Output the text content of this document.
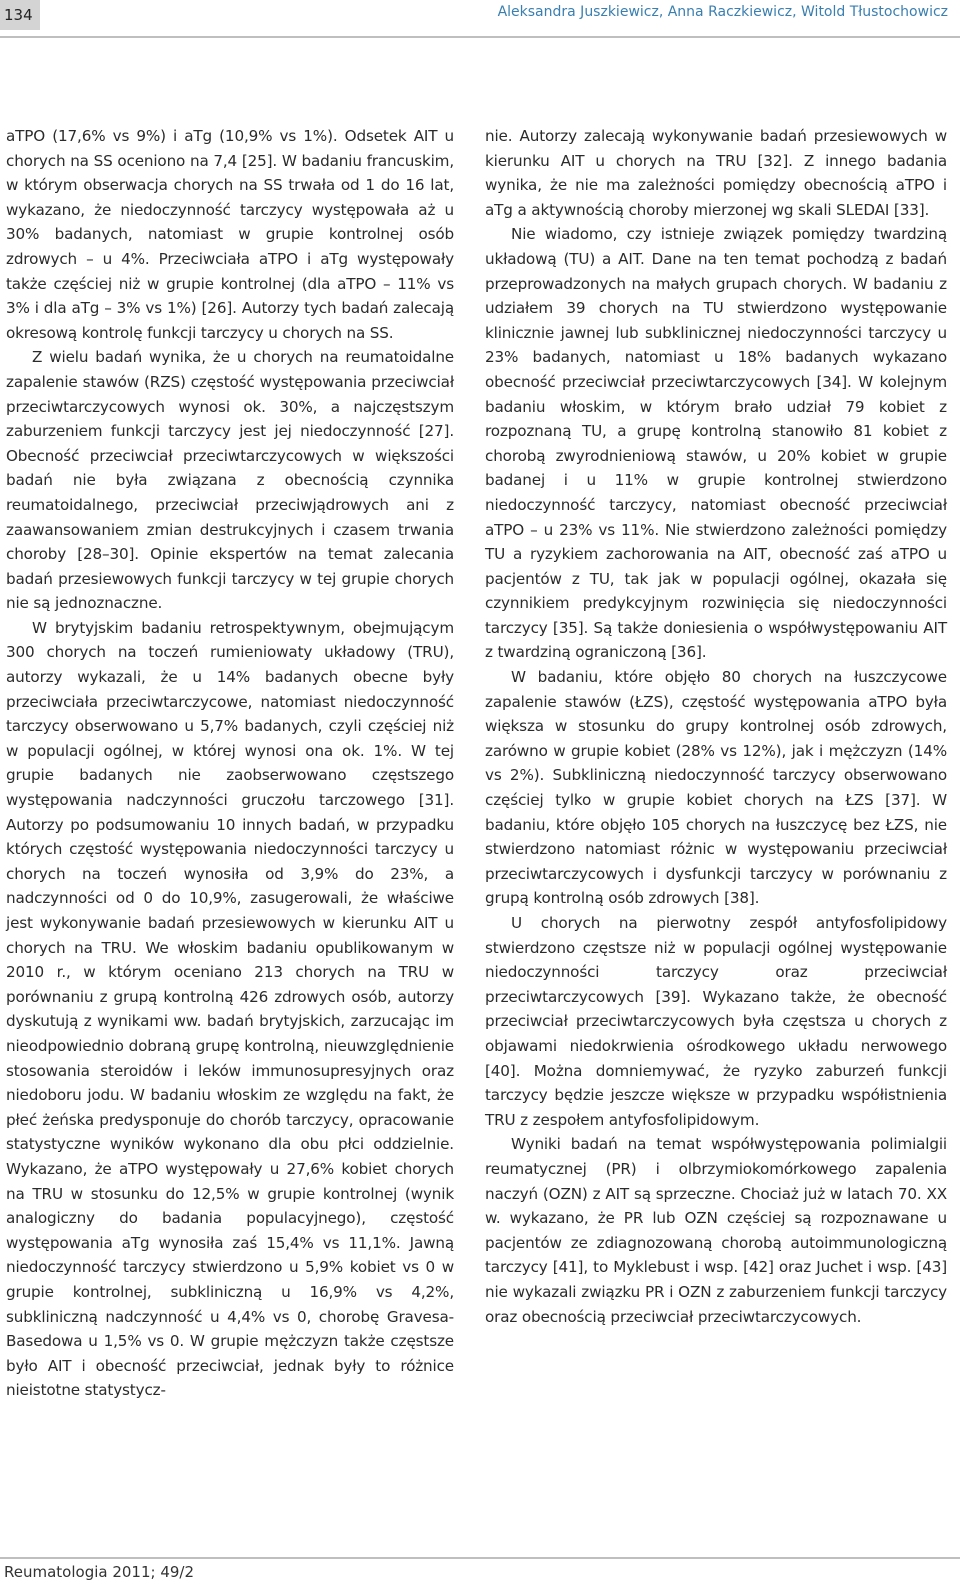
134	Aleksandra Juszkiewicz, Anna Raczkiewicz, Witold Tłustochowicz

aTPO (17,6% vs 9%) i aTg (10,9% vs 1%). Odsetek AIT u chorych na SS oceniono na 7,4 [25]. W badaniu francuskim, w którym obserwacja chorych na SS trwała od 1 do 16 lat, wykazano, że niedoczynność tarczycy występowała aż u 30% badanych, natomiast w grupie kontrolnej osób zdrowych – u 4%. Przeciwciała aTPO i aTg występowały także częściej niż w grupie kontrolnej (dla aTPO – 11% vs 3% i dla aTg – 3% vs 1%) [26]. Autorzy tych badań zalecają okresową kontrolę funkcji tarczycy u chorych na SS.

Z wielu badań wynika, że u chorych na reumatoidalne zapalenie stawów (RZS) częstość występowania przeciwciał przeciwtarczycowych wynosi ok. 30%, a najczęstszym zaburzeniem funkcji tarczycy jest jej niedoczynność [27]. Obecność przeciwciał przeciwtarczycowych w większości badań nie była związana z obecnością czynnika reumatoidalnego, przeciwciał przeciwjądrowych ani z zaawansowaniem zmian destrukcyjnych i czasem trwania choroby [28–30]. Opinie ekspertów na temat zalecania badań przesiewowych funkcji tarczycy w tej grupie chorych nie są jednoznaczne.

W brytyjskim badaniu retrospektywnym, obejmującym 300 chorych na toczeń rumieniowaty układowy (TRU), autorzy wykazali, że u 14% badanych obecne były przeciwciała przeciwtarczycowe, natomiast niedoczynność tarczycy obserwowano u 5,7% badanych, czyli częściej niż w populacji ogólnej, w której wynosi ona ok. 1%. W tej grupie badanych nie zaobserwowano częstszego występowania nadczynności gruczołu tarczowego [31]. Autorzy po podsumowaniu 10 innych badań, w przypadku których częstość występowania niedoczynności tarczycy u chorych na toczeń wynosiła od 3,9% do 23%, a nadczynności od 0 do 10,9%, zasugerowali, że właściwe jest wykonywanie badań przesiewowych w kierunku AIT u chorych na TRU. We włoskim badaniu opublikowanym w 2010 r., w którym oceniano 213 chorych na TRU w porównaniu z grupą kontrolną 426 zdrowych osób, autorzy dyskutują z wynikami ww. badań brytyjskich, zarzucając im nieodpowiednio dobraną grupę kontrolną, nieuwzględnienie stosowania steroidów i leków immunosupresyjnych oraz niedoboru jodu. W badaniu włoskim ze względu na fakt, że płeć żeńska predysponuje do chorób tarczycy, opracowanie statystyczne wyników wykonano dla obu płci oddzielnie. Wykazano, że aTPO występowały u 27,6% kobiet chorych na TRU w stosunku do 12,5% w grupie kontrolnej (wynik analogiczny do badania populacyjnego), częstość występowania aTg wynosiła zaś 15,4% vs 11,1%. Jawną niedoczynność tarczycy stwierdzono u 5,9% kobiet vs 0 w grupie kontrolnej, subkliniczną u 16,9% vs 4,2%, subkliniczną nadczynność u 4,4% vs 0, chorobę Gravesa-Basedowa u 1,5% vs 0. W grupie mężczyzn także częstsze było AIT i obecność przeciwciał, jednak były to różnice nieistotne statystycz-

nie. Autorzy zalecają wykonywanie badań przesiewowych w kierunku AIT u chorych na TRU [32]. Z innego badania wynika, że nie ma zależności pomiędzy obecnością aTPO i aTg a aktywnością choroby mierzonej wg skali SLEDAI [33].

Nie wiadomo, czy istnieje związek pomiędzy twardziną układową (TU) a AIT. Dane na ten temat pochodzą z badań przeprowadzonych na małych grupach chorych. W badaniu z udziałem 39 chorych na TU stwierdzono występowanie klinicznie jawnej lub subklinicznej niedoczynności tarczycy u 23% badanych, natomiast u 18% badanych wykazano obecność przeciwciał przeciwtarczycowych [34]. W kolejnym badaniu włoskim, w którym brało udział 79 kobiet z rozpoznaną TU, a grupę kontrolną stanowiło 81 kobiet z chorobą zwyrodnieniową stawów, u 20% kobiet w grupie badanej i u 11% w grupie kontrolnej stwierdzono niedoczynność tarczycy, natomiast obecność przeciwciał aTPO – u 23% vs 11%. Nie stwierdzono zależności pomiędzy TU a ryzykiem zachorowania na AIT, obecność zaś aTPO u pacjentów z TU, tak jak w populacji ogólnej, okazała się czynnikiem predykcyjnym rozwinięcia się niedoczynności tarczycy [35]. Są także doniesienia o współwystępowaniu AIT z twardziną ograniczoną [36].

W badaniu, które objęło 80 chorych na łuszczycowe zapalenie stawów (ŁZS), częstość występowania aTPO była większa w stosunku do grupy kontrolnej osób zdrowych, zarówno w grupie kobiet (28% vs 12%), jak i mężczyzn (14% vs 2%). Subkliniczną niedoczynność tarczycy obserwowano częściej tylko w grupie kobiet chorych na ŁZS [37]. W badaniu, które objęło 105 chorych na łuszczycę bez ŁZS, nie stwierdzono natomiast różnic w występowaniu przeciwciał przeciwtarczycowych i dysfunkcji tarczycy w porównaniu z grupą kontrolną osób zdrowych [38].

U chorych na pierwotny zespół antyfosfolipidowy stwierdzono częstsze niż w populacji ogólnej występowanie niedoczynności tarczycy oraz przeciwciał przeciwtarczycowych [39]. Wykazano także, że obecność przeciwciał przeciwtarczycowych była częstsza u chorych z objawami niedokrwienia ośrodkowego układu nerwowego [40]. Można domniemywać, że ryzyko zaburzeń funkcji tarczycy będzie jeszcze większe w przypadku współistnienia TRU z zespołem antyfosfolipidowym.

Wyniki badań na temat współwystępowania polimialgii reumatycznej (PR) i olbrzymiokomórkowego zapalenia naczyń (OZN) z AIT są sprzeczne. Chociaż już w latach 70. XX w. wykazano, że PR lub OZN częściej są rozpoznawane u pacjentów ze zdiagnozowaną chorobą autoimmunologiczną tarczycy [41], to Myklebust i wsp. [42] oraz Juchet i wsp. [43] nie wykazali związku PR i OZN z zaburzeniem funkcji tarczycy oraz obecnością przeciwciał przeciwtarczycowych.

Reumatologia 2011; 49/2
